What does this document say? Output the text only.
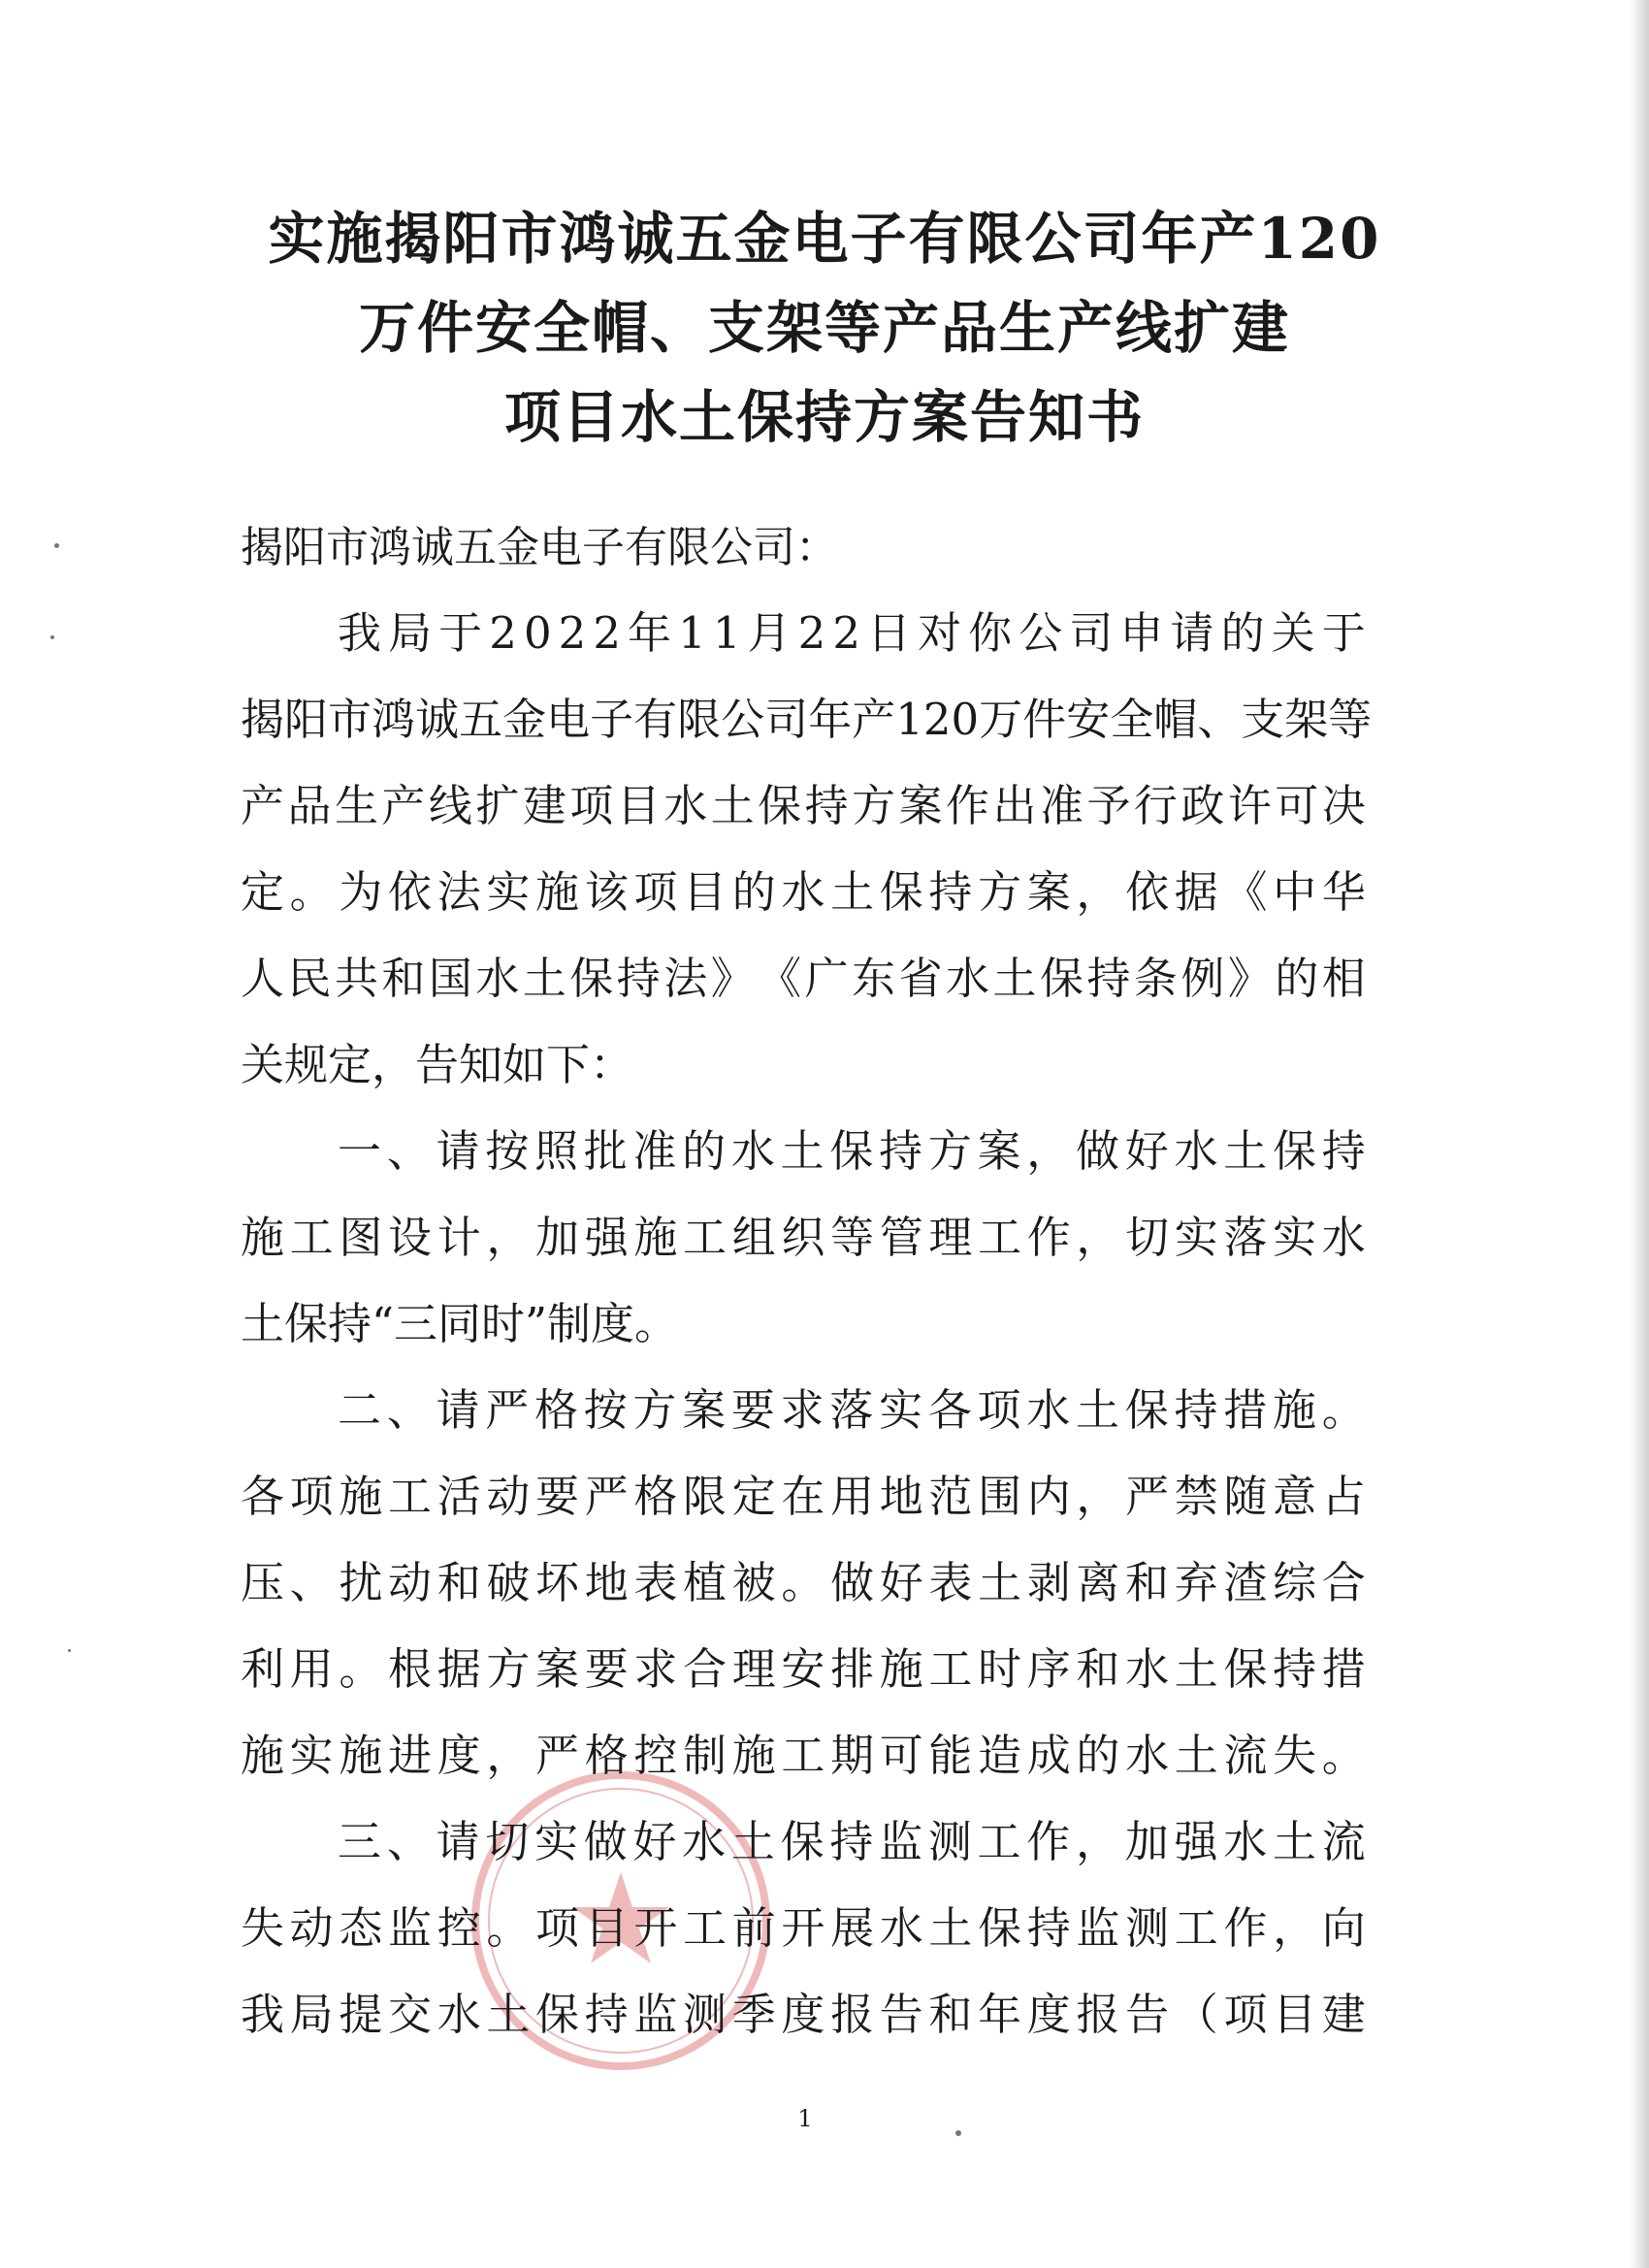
实施揭阳市鸿诚五金电子有限公司年产120
万件安全帽、支架等产品生产线扩建
项目水土保持方案告知书
揭阳市鸿诚五金电子有限公司：
我 局 于 2 0 2 2 年 1 1 月 2 2 日 对 你 公 司 申 请 的 关 于
揭 阳 市 鸿 诚 五 金 电 子 有 限 公 司 年 产 1 2 0 万 件 安 全 帽 、 支 架 等
产 品 生 产 线 扩 建 项 目 水 土 保 持 方 案 作 出 准 予 行 政 许 可 决
定 。 为 依 法 实 施 该 项 目 的 水 土 保 持 方 案 ， 依 据 《 中 华
人 民 共 和 国 水 土 保 持 法 》 《 广 东 省 水 土 保 持 条 例 》 的 相
关规定，告知如下：
一 、 请 按 照 批 准 的 水 土 保 持 方 案 ， 做 好 水 土 保 持
施 工 图 设 计 ， 加 强 施 工 组 织 等 管 理 工 作 ， 切 实 落 实 水
土保持“三同时”制度。
二 、 请 严 格 按 方 案 要 求 落 实 各 项 水 土 保 持 措 施 。
各 项 施 工 活 动 要 严 格 限 定 在 用 地 范 围 内 ， 严 禁 随 意 占
压 、 扰 动 和 破 坏 地 表 植 被 。 做 好 表 土 剥 离 和 弃 渣 综 合
利 用 。 根 据 方 案 要 求 合 理 安 排 施 工 时 序 和 水 土 保 持 措
施 实 施 进 度 ， 严 格 控 制 施 工 期 可 能 造 成 的 水 土 流 失 。
三 、 请 切 实 做 好 水 土 保 持 监 测 工 作 ， 加 强 水 土 流
失 动 态 监 控 。 项 目 开 工 前 开 展 水 土 保 持 监 测 工 作 ， 向
我 局 提 交 水 土 保 持 监 测 季 度 报 告 和 年 度 报 告 （ 项 目 建
1
